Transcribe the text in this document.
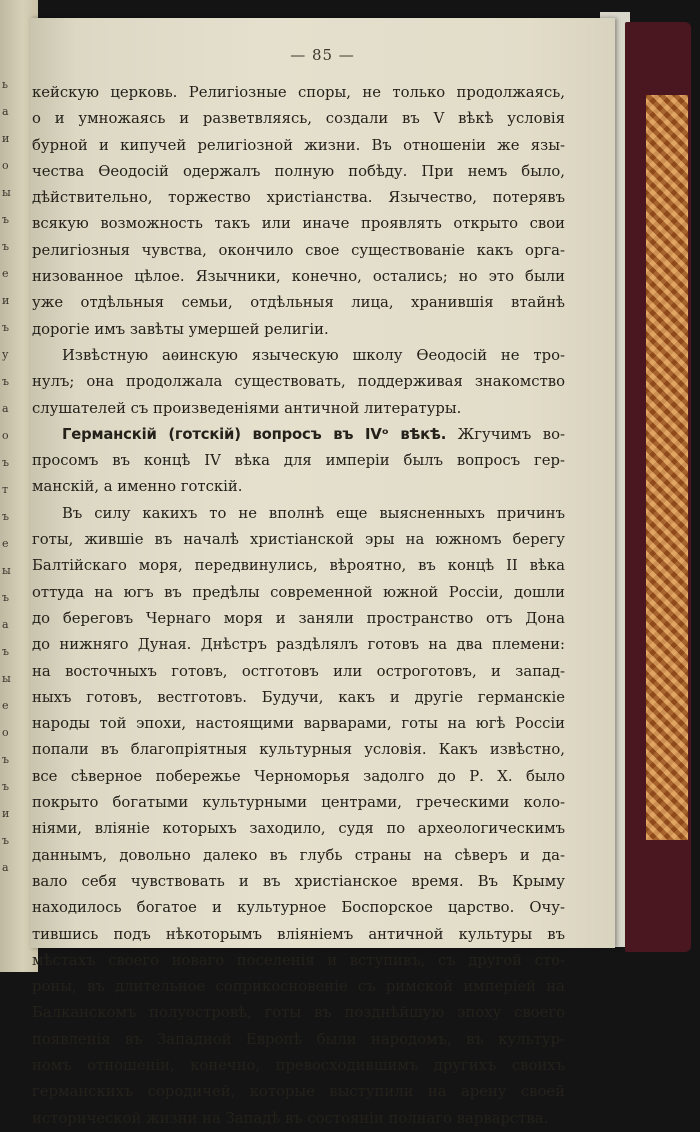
ь
а
и
о
ы
ъ
ъ
е
и
ъ
у
ъ
а
о
ъ
т
ъ
е
ы
ъ
а
ъ
ы
е
о
ъ
ъ
и
ъ
а
— 85 —
кейскую церковь. Религіозные споры, не только продолжаясь,
о и умножаясь и разветвляясь, создали въ V вѣкѣ условія
бурной и кипучей религіозной жизни. Въ отношеніи же язы-
чества Ѳеодосій одержалъ полную побѣду. При немъ было,
дѣйствительно, торжество христіанства. Язычество, потерявъ
всякую возможность такъ или иначе проявлять открыто свои
религіозныя чувства, окончило свое существованіе какъ орга-
низованное цѣлое. Язычники, конечно, остались; но это были
уже отдѣльныя семьи, отдѣльныя лица, хранившія втайнѣ
дорогіе имъ завѣты умершей религіи.
Извѣстную аѳинскую языческую школу Ѳеодосій не тро-
нулъ; она продолжала существовать, поддерживая знакомство
слушателей съ произведеніями античной литературы.
Германскій (готскій) вопросъ въ IVᵒ вѣкѣ. Жгучимъ во-
просомъ въ концѣ IV вѣка для имперіи былъ вопросъ гер-
манскій, а именно готскій.
Въ силу какихъ то не вполнѣ еще выясненныхъ причинъ
готы, жившіе въ началѣ христіанской эры на южномъ берегу
Балтійскаго моря, передвинулись, вѣроятно, въ концѣ II вѣка
оттуда на югъ въ предѣлы современной южной Россіи, дошли
до береговъ Чернаго моря и заняли пространство отъ Дона
до нижняго Дуная. Днѣстръ раздѣлялъ готовъ на два племени:
на восточныхъ готовъ, остготовъ или остроготовъ, и запад-
ныхъ готовъ, вестготовъ. Будучи, какъ и другіе германскіе
народы той эпохи, настоящими варварами, готы на югѣ Россіи
попали въ благопріятныя культурныя условія. Какъ извѣстно,
все сѣверное побережье Черноморья задолго до Р. Х. было
покрыто богатыми культурными центрами, греческими коло-
ніями, вліяніе которыхъ заходило, судя по археологическимъ
даннымъ, довольно далеко въ глубь страны на сѣверъ и да-
вало себя чувствовать и въ христіанское время. Въ Крыму
находилось богатое и культурное Боспорское царство. Очу-
тившись подъ нѣкоторымъ вліяніемъ античной культуры въ
мѣстахъ своего новаго поселенія и вступивъ, съ другой сто-
роны, въ длительное соприкосновеніе съ римской имперіей на
Балканскомъ полуостровѣ, готы въ позднѣйшую эпоху своего
появленія въ Западной Европѣ были народомъ, въ культур-
номъ отношеніи, конечно, превосходившимъ другихъ своихъ
германскихъ сородичей, которые выступили на арену своей
исторической жизни на Западѣ въ состояніи полнаго варварства.
